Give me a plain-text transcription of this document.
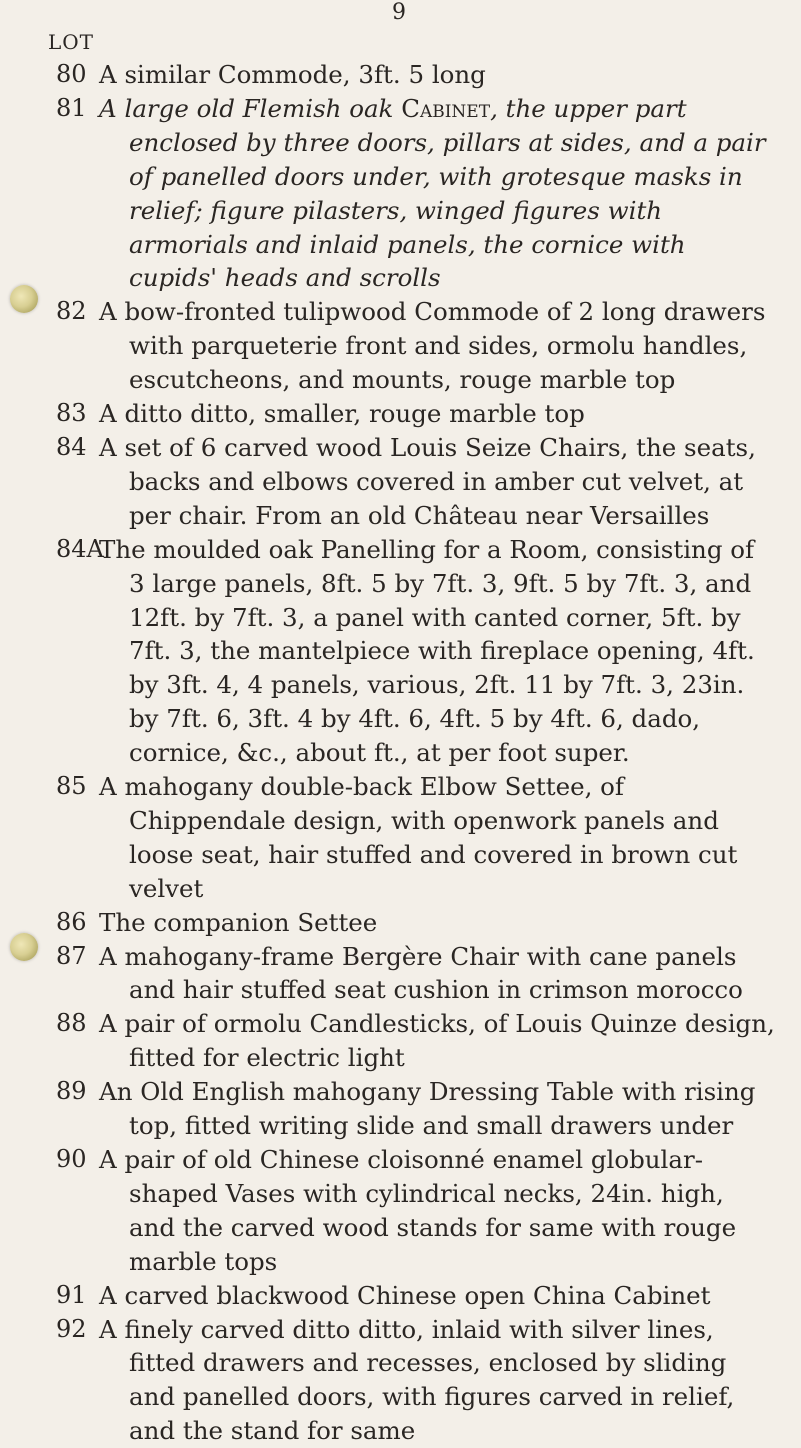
9
LOT
80 A similar Commode, 3ft. 5 long
81 A large old Flemish oak Cabinet, the upper part enclosed by three doors, pillars at sides, and a pair of panelled doors under, with grotesque masks in relief; figure pilasters, winged figures with armorials and inlaid panels, the cornice with cupids' heads and scrolls
82 A bow-fronted tulipwood Commode of 2 long drawers with parqueterie front and sides, ormolu handles, escutcheons, and mounts, rouge marble top
83 A ditto ditto, smaller, rouge marble top
84 A set of 6 carved wood Louis Seize Chairs, the seats, backs and elbows covered in amber cut velvet, at per chair. From an old Château near Versailles
84A
The moulded oak Panelling for a Room, consisting of 3 large panels, 8ft. 5 by 7ft. 3, 9ft. 5 by 7ft. 3, and 12ft. by 7ft. 3, a panel with canted corner, 5ft. by 7ft. 3, the mantelpiece with fireplace opening, 4ft. by 3ft. 4, 4 panels, various, 2ft. 11 by 7ft. 3, 23in. by 7ft. 6, 3ft. 4 by 4ft. 6, 4ft. 5 by 4ft. 6, dado, cornice, &c., about ft., at per foot super.
85 A mahogany double-back Elbow Settee, of Chippendale design, with openwork panels and loose seat, hair stuffed and covered in brown cut velvet
86 The companion Settee
87 A mahogany-frame Bergère Chair with cane panels and hair stuffed seat cushion in crimson morocco
88 A pair of ormolu Candlesticks, of Louis Quinze design, fitted for electric light
89 An Old English mahogany Dressing Table with rising top, fitted writing slide and small drawers under
90 A pair of old Chinese cloisonné enamel globular-shaped Vases with cylindrical necks, 24in. high, and the carved wood stands for same with rouge marble tops
91 A carved blackwood Chinese open China Cabinet
92 A finely carved ditto ditto, inlaid with silver lines, fitted drawers and recesses, enclosed by sliding and panelled doors, with figures carved in relief, and the stand for same
